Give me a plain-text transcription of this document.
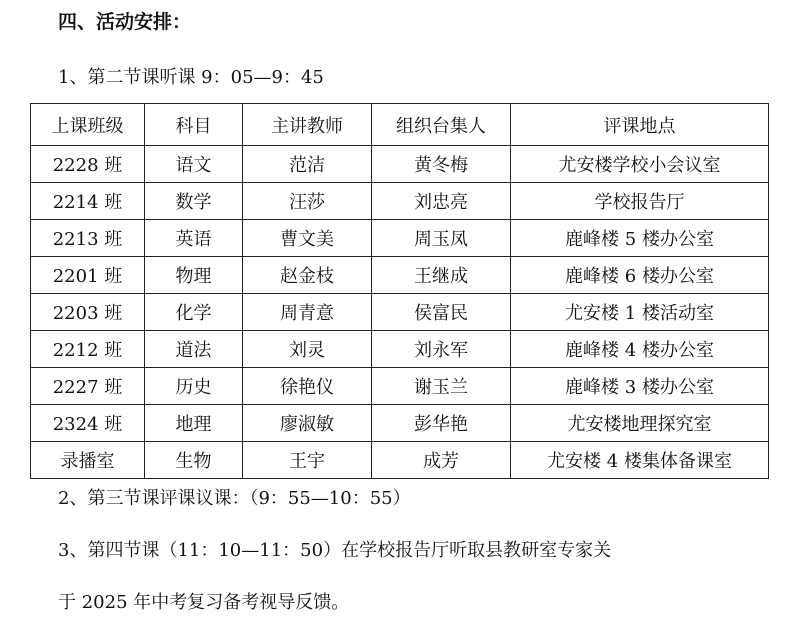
四、活动安排：
1、第二节课听课 9：05—9：45
上课班级	科目	主讲教师	组织台集人	评课地点
2228 班	语文	范洁	黄冬梅	尤安楼学校小会议室
2214 班	数学	汪莎	刘忠亮	学校报告厅
2213 班	英语	曹文美	周玉凤	鹿峰楼 5 楼办公室
2201 班	物理	赵金枝	王继成	鹿峰楼 6 楼办公室
2203 班	化学	周青意	侯富民	尤安楼 1 楼活动室
2212 班	道法	刘灵	刘永军	鹿峰楼 4 楼办公室
2227 班	历史	徐艳仪	谢玉兰	鹿峰楼 3 楼办公室
2324 班	地理	廖淑敏	彭华艳	尤安楼地理探究室
录播室	生物	王宇	成芳	尤安楼 4 楼集体备课室
2、第三节课评课议课：（9：55—10：55）
3、第四节课（11：10—11：50）在学校报告厅听取县教研室专家关
于 2025 年中考复习备考视导反馈。
